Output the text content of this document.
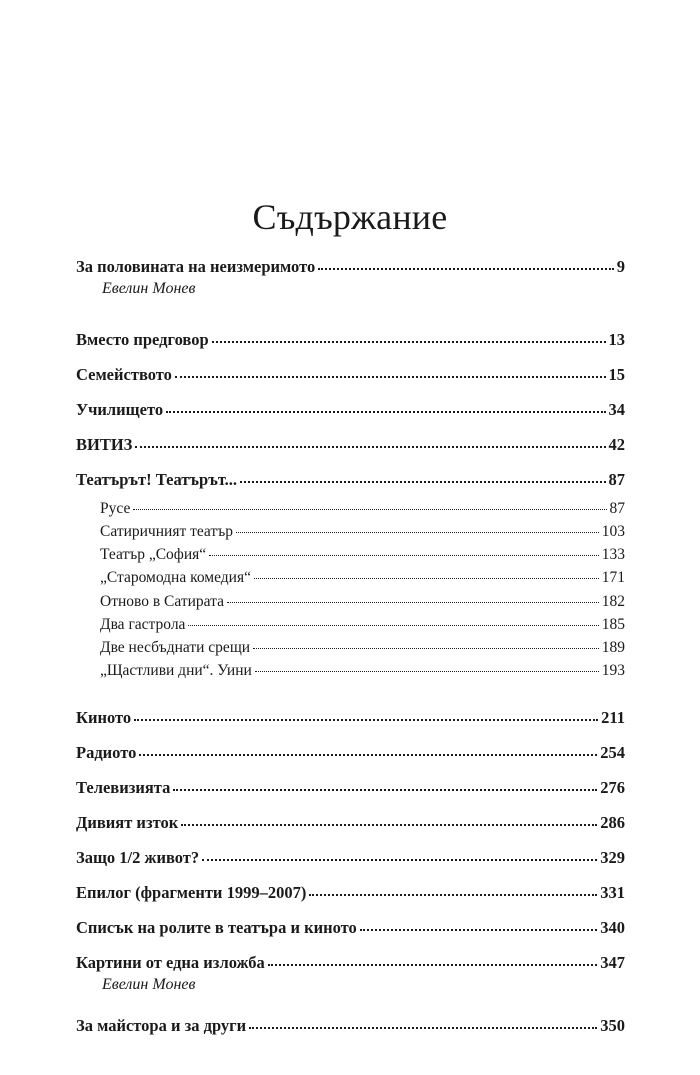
Съдържание
За половината на неизмеримото	9
Евелин Монев
Вместо предговор	13
Семейството	15
Училището	34
ВИТИЗ	42
Театърът! Театърът...	87
Русе	87
Сатиричният театър	103
Театър „София“	133
„Старомодна комедия“	171
Отново в Сатирата	182
Два гастрола	185
Две несбъднати срещи	189
„Щастливи дни“. Уини	193
Киното	211
Радиото	254
Телевизията	276
Дивият изток	286
Защо 1/2 живот?	329
Епилог (фрагменти 1999–2007)	331
Списък на ролите в театъра и киното	340
Картини от една изложба	347
Евелин Монев
За майстора и за други	350
